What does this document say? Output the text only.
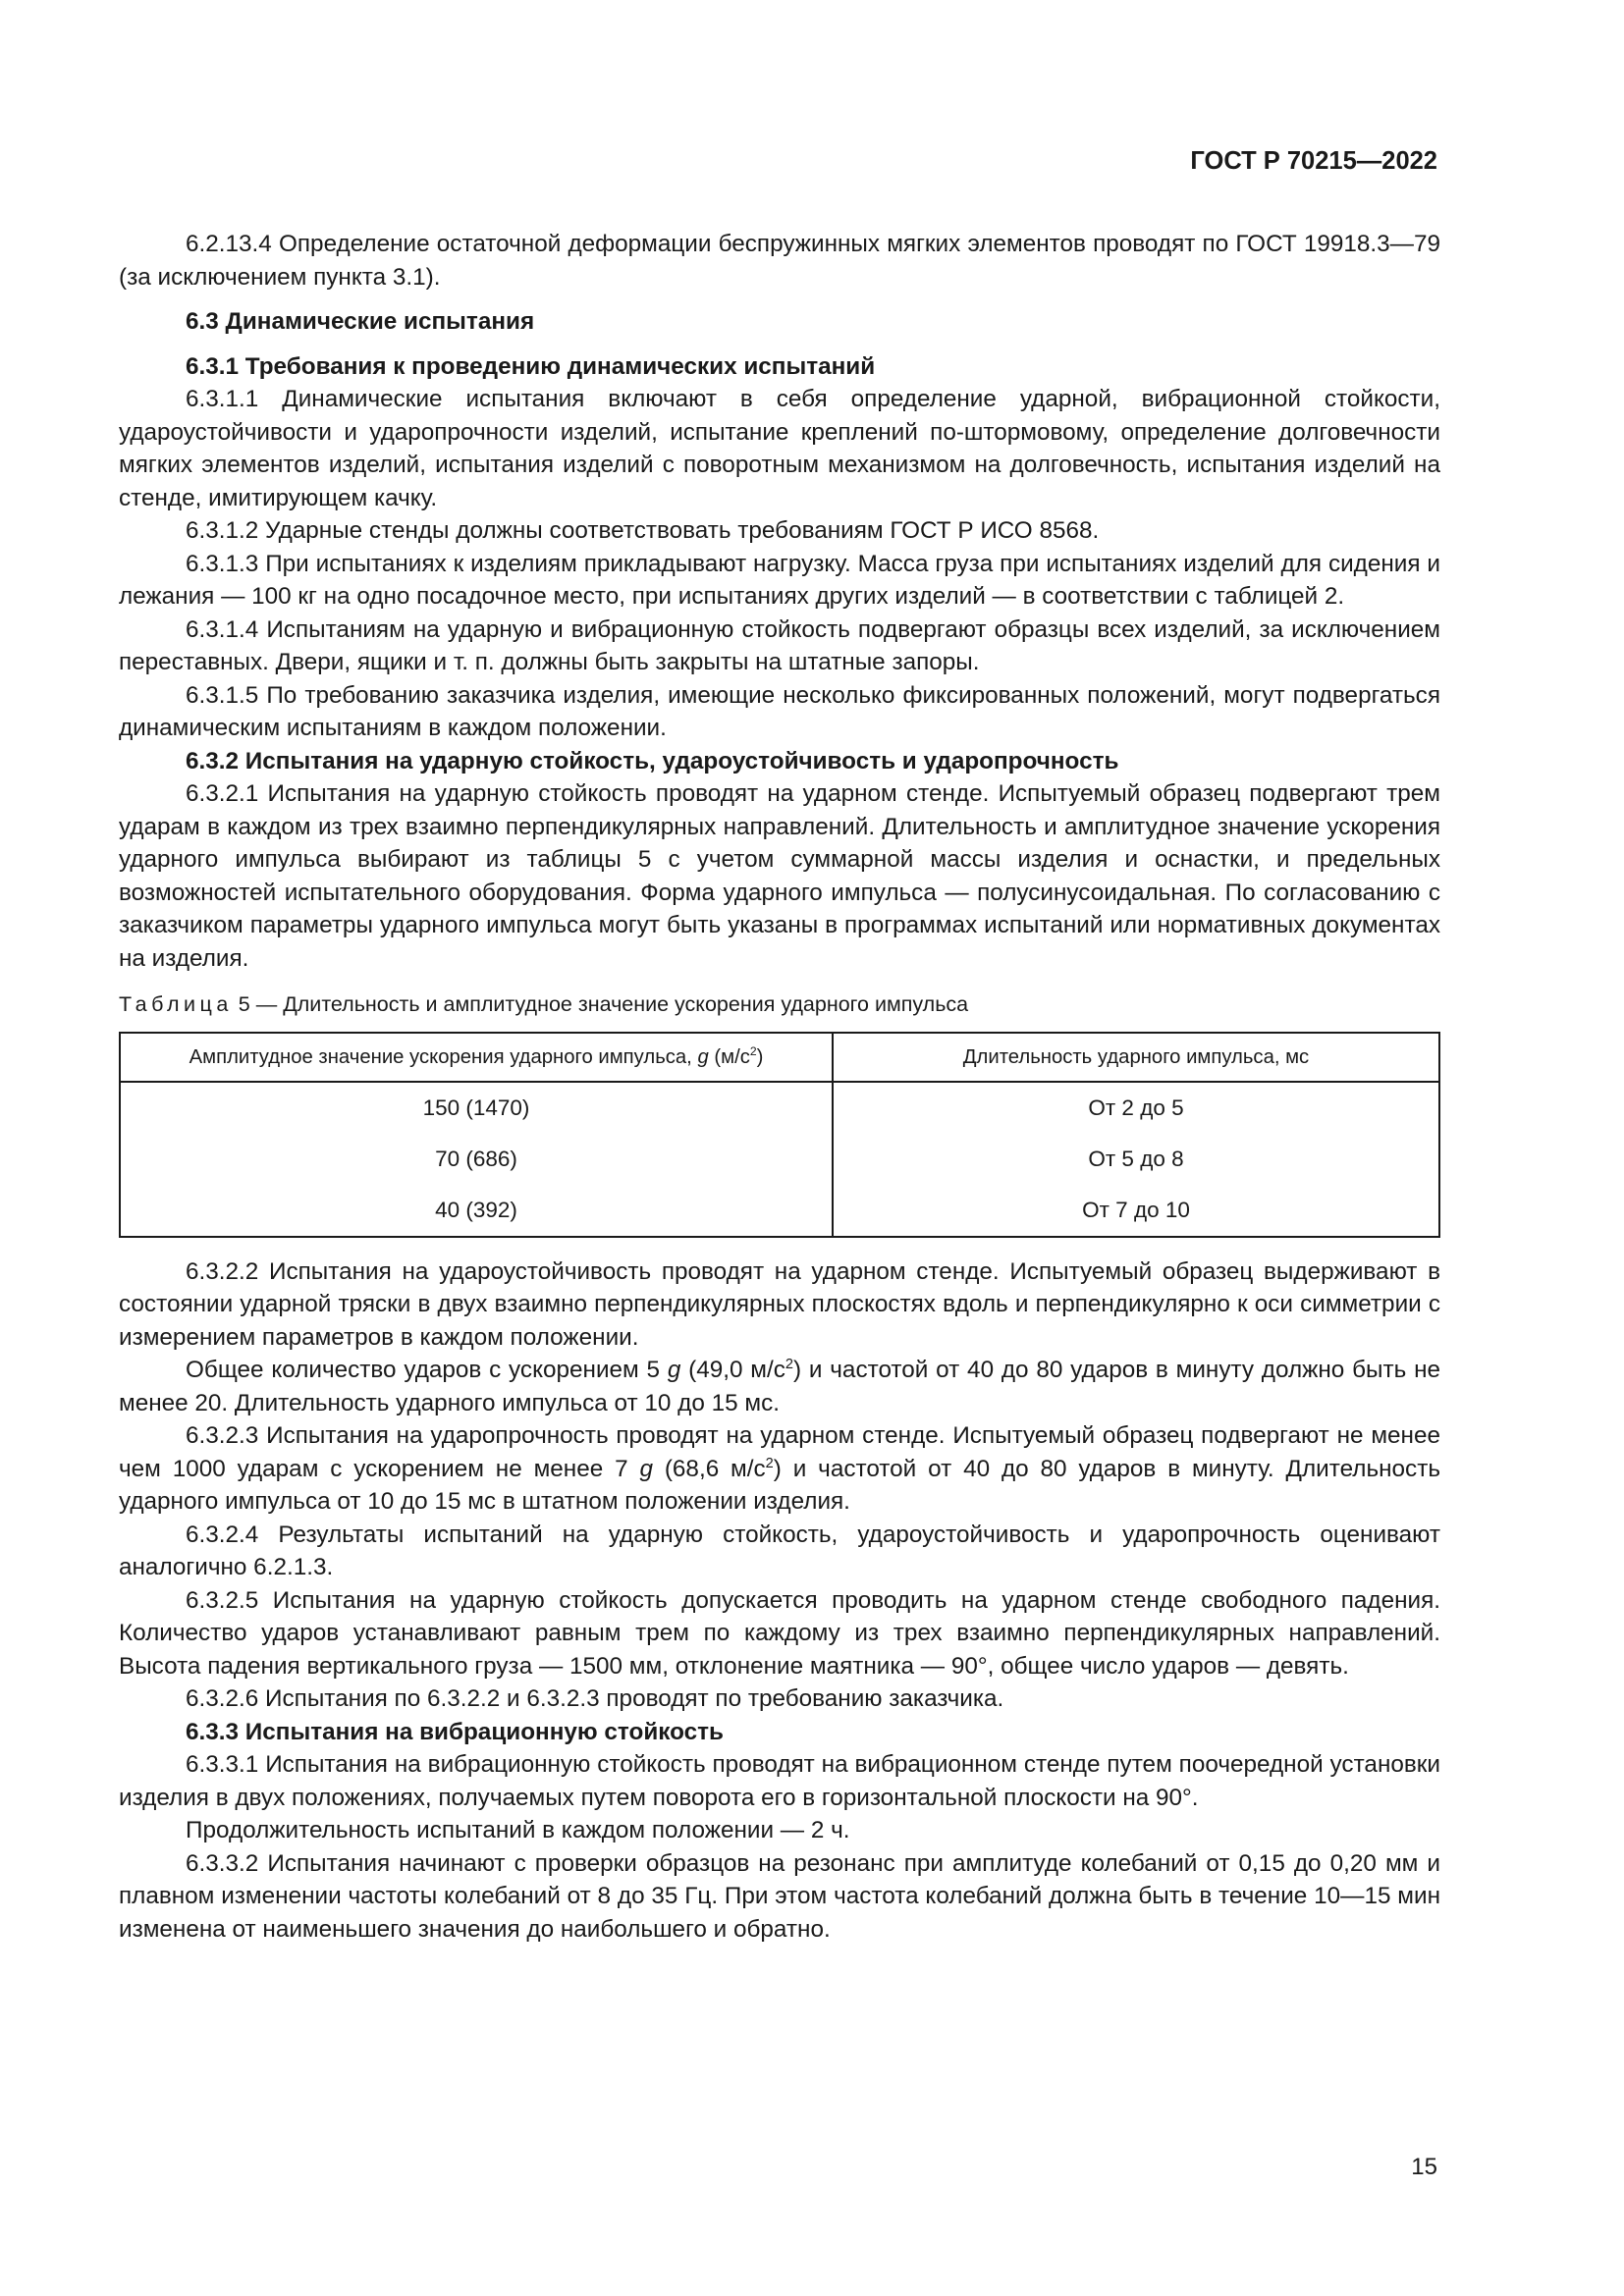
ГОСТ Р 70215—2022

6.2.13.4 Определение остаточной деформации беспружинных мягких элементов проводят по ГОСТ 19918.3—79 (за исключением пункта 3.1).

6.3 Динамические испытания

6.3.1 Требования к проведению динамических испытаний

6.3.1.1 Динамические испытания включают в себя определение ударной, вибрационной стойкости, удароустойчивости и ударопрочности изделий, испытание креплений по-штормовому, определение долговечности мягких элементов изделий, испытания изделий с поворотным механизмом на долговечность, испытания изделий на стенде, имитирующем качку.

6.3.1.2 Ударные стенды должны соответствовать требованиям ГОСТ Р ИСО 8568.

6.3.1.3 При испытаниях к изделиям прикладывают нагрузку. Масса груза при испытаниях изделий для сидения и лежания — 100 кг на одно посадочное место, при испытаниях других изделий — в соответствии с таблицей 2.

6.3.1.4 Испытаниям на ударную и вибрационную стойкость подвергают образцы всех изделий, за исключением переставных. Двери, ящики и т. п. должны быть закрыты на штатные запоры.

6.3.1.5 По требованию заказчика изделия, имеющие несколько фиксированных положений, могут подвергаться динамическим испытаниям в каждом положении.

6.3.2 Испытания на ударную стойкость, удароустойчивость и ударопрочность

6.3.2.1 Испытания на ударную стойкость проводят на ударном стенде. Испытуемый образец подвергают трем ударам в каждом из трех взаимно перпендикулярных направлений. Длительность и амплитудное значение ускорения ударного импульса выбирают из таблицы 5 с учетом суммарной массы изделия и оснастки, и предельных возможностей испытательного оборудования. Форма ударного импульса — полусинусоидальная. По согласованию с заказчиком параметры ударного импульса могут быть указаны в программах испытаний или нормативных документах на изделия.

Таблица 5 — Длительность и амплитудное значение ускорения ударного импульса

Амплитудное значение ускорения ударного импульса, g $(м/с^2)$	Длительность ударного импульса, мс
150 (1470)	От 2 до 5
70 (686)	От 5 до 8
40 (392)	От 7 до 10

6.3.2.2 Испытания на удароустойчивость проводят на ударном стенде. Испытуемый образец выдерживают в состоянии ударной тряски в двух взаимно перпендикулярных плоскостях вдоль и перпендикулярно к оси симметрии с измерением параметров в каждом положении.

Общее количество ударов с ускорением 5 g (49,0 $м/с^2$) и частотой от 40 до 80 ударов в минуту должно быть не менее 20. Длительность ударного импульса от 10 до 15 мс.

6.3.2.3 Испытания на ударопрочность проводят на ударном стенде. Испытуемый образец подвергают не менее чем 1000 ударам с ускорением не менее 7 g (68,6 $м/с^2$) и частотой от 40 до 80 ударов в минуту. Длительность ударного импульса от 10 до 15 мс в штатном положении изделия.

6.3.2.4 Результаты испытаний на ударную стойкость, удароустойчивость и ударопрочность оценивают аналогично 6.2.1.3.

6.3.2.5 Испытания на ударную стойкость допускается проводить на ударном стенде свободного падения. Количество ударов устанавливают равным трем по каждому из трех взаимно перпендикулярных направлений. Высота падения вертикального груза — 1500 мм, отклонение маятника — 90°, общее число ударов — девять.

6.3.2.6 Испытания по 6.3.2.2 и 6.3.2.3 проводят по требованию заказчика.

6.3.3 Испытания на вибрационную стойкость

6.3.3.1 Испытания на вибрационную стойкость проводят на вибрационном стенде путем поочередной установки изделия в двух положениях, получаемых путем поворота его в горизонтальной плоскости на 90°.

Продолжительность испытаний в каждом положении — 2 ч.

6.3.3.2 Испытания начинают с проверки образцов на резонанс при амплитуде колебаний от 0,15 до 0,20 мм и плавном изменении частоты колебаний от 8 до 35 Гц. При этом частота колебаний должна быть в течение 10—15 мин изменена от наименьшего значения до наибольшего и обратно.

15
